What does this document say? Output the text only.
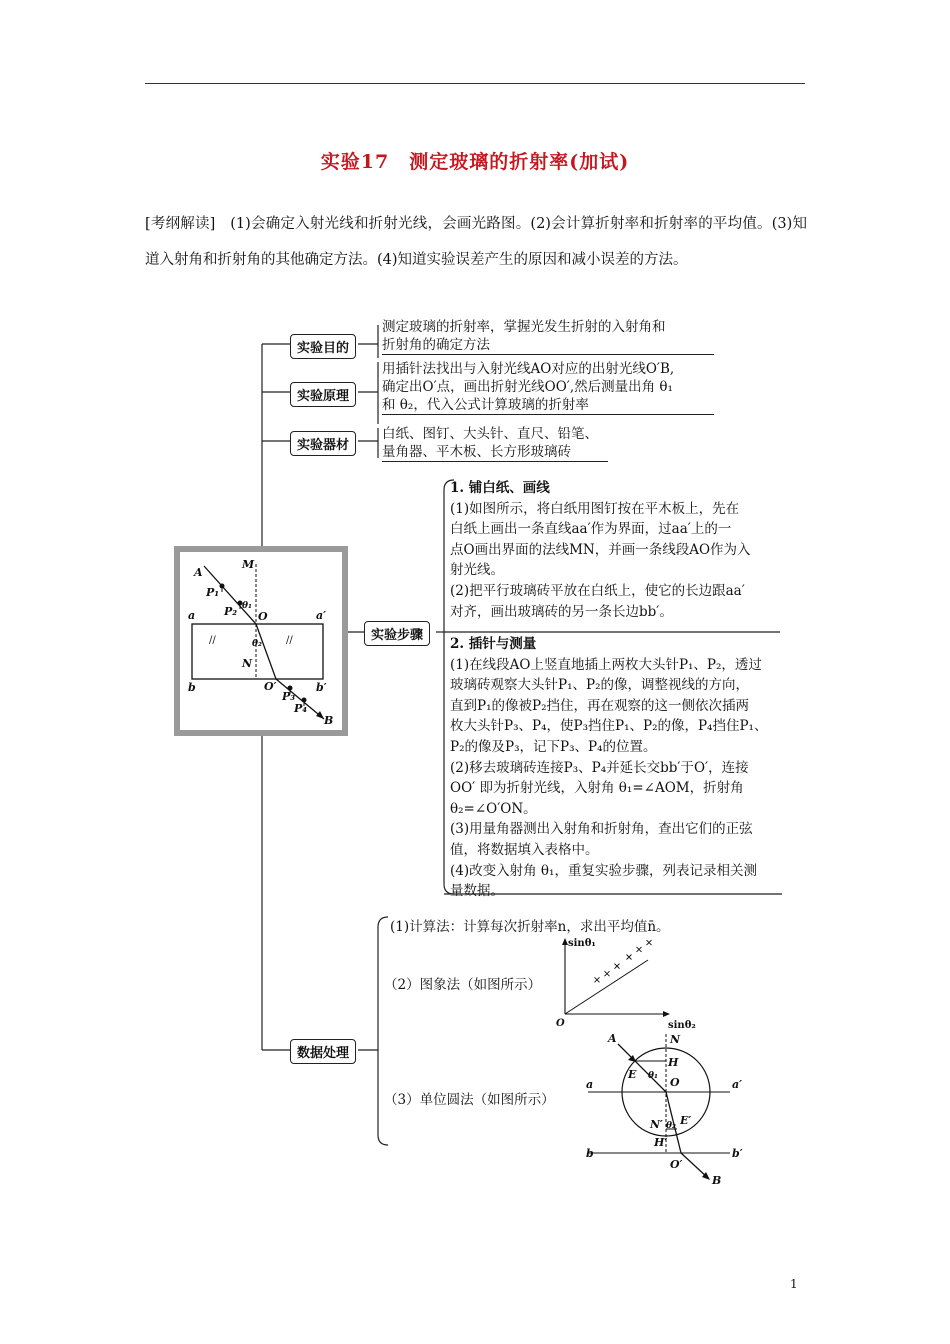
实验17　测定玻璃的折射率(加试)
[考纲解读]　(1)会确定入射光线和折射光线，会画光路图。(2)会计算折射率和折射率的平均值。(3)知道入射角和折射角的其他确定方法。(4)知道实验误差产生的原因和减小误差的方法。
实验目的
实验原理
实验器材
实验步骤
数据处理
测定玻璃的折射率，掌握光发生折射的入射角和
折射角的确定方法
用插针法找出与入射光线AO对应的出射光线O′B,
确定出O′点，画出折射光线OO′,然后测量出角 θ₁
和 θ₂，代入公式计算玻璃的折射率
白纸、图钉、大头针、直尺、铅笔、
量角器、平木板、长方形玻璃砖

1. 铺白纸、画线

(1)如图所示，将白纸用图钉按在平木板上，先在

白纸上画出一条直线aa′作为界面，过aa′上的一

点O画出界面的法线MN，并画一条线段AO作为入

射光线。

(2)把平行玻璃砖平放在白纸上，使它的长边跟aa′

对齐，画出玻璃砖的另一条长边bb′。

2. 插针与测量

(1)在线段AO上竖直地插上两枚大头针P₁、P₂，透过

玻璃砖观察大头针P₁、P₂的像，调整视线的方向，

直到P₁的像被P₂挡住，再在观察的这一侧依次插两

枚大头针P₃、P₄，使P₃挡住P₁、P₂的像，P₄挡住P₁、

P₂的像及P₃，记下P₃、P₄的位置。

(2)移去玻璃砖连接P₃、P₄并延长交bb′于O′，连接

OO′ 即为折射光线，入射角 θ₁=∠AOM，折射角

θ₂=∠O′ON。

(3)用量角器测出入射角和折射角，查出它们的正弦

值，将数据填入表格中。

(4)改变入射角 θ₁，重复实验步骤，列表记录相关测

量数据。

A
M
P₁
P₂ θ₁
O
a	a′
θ₂
N
b	O′
P₃
P₄
b′
B
//	//
(1)计算法：计算每次折射率n，求出平均值n̄。
（2）图象法（如图所示）
（3）单位圆法（如图所示）
sinθ₁
sinθ₂
O
A	N
H
E θ₁ O
a	a′
N′ θ₂ E′
H′
b	b′
O′
B
1
